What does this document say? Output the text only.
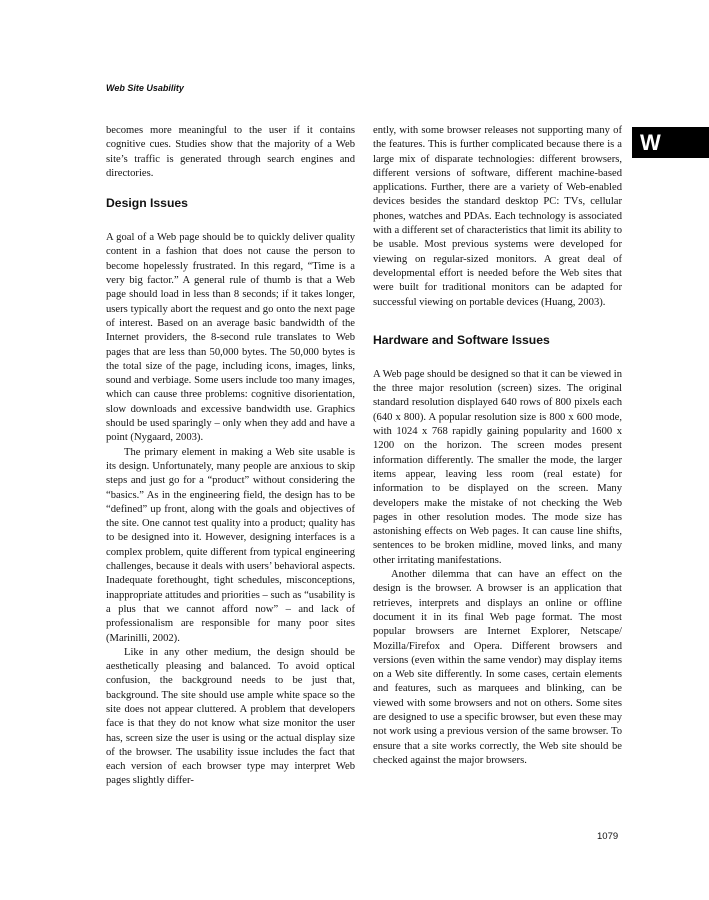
Web Site Usability
W

becomes more meaningful to the user if it contains cognitive cues. Studies show that the majority of a Web site’s traffic is generated through search engines and directories.

Design Issues

A goal of a Web page should be to quickly deliver quality content in a fashion that does not cause the person to become hopelessly frustrated. In this regard, “Time is a very big factor.” A general rule of thumb is that a Web page should load in less than 8 seconds; if it takes longer, users typically abort the request and go onto the next page of interest. Based on an average basic bandwidth of the Internet providers, the 8-second rule translates to Web pages that are less than 50,000 bytes. The 50,000 bytes is the total size of the page, including icons, images, links, sound and verbiage. Some users include too many images, which can cause three problems: cognitive disorientation, slow downloads and excessive bandwidth use. Graphics should be used sparingly – only when they add and have a point (Nygaard, 2003).

The primary element in making a Web site usable is its design. Unfortunately, many people are anxious to skip steps and just go for a “product” without considering the “basics.” As in the engineering field, the design has to be “defined” up front, along with the goals and objectives of the site. One cannot test quality into a product; quality has to be designed into it. However, designing interfaces is a complex problem, quite different from typical engineering challenges, because it deals with users’ behavioral aspects. Inadequate forethought, tight schedules, misconceptions, inappropriate attitudes and priorities – such as “usability is a plus that we cannot afford now” – and lack of professionalism are responsible for many poor sites (Marinilli, 2002).

Like in any other medium, the design should be aesthetically pleasing and balanced. To avoid optical confusion, the background needs to be just that, background. The site should use ample white space so the site does not appear cluttered. A problem that developers face is that they do not know what size monitor the user has, screen size the user is using or the actual display size of the browser. The usability issue includes the fact that each version of each browser type may interpret Web pages slightly differ-

ently, with some browser releases not supporting many of the features. This is further complicated because there is a large mix of disparate technologies: different browsers, different versions of software, different machine-based applications. Further, there are a variety of Web-enabled devices besides the standard desktop PC: TVs, cellular phones, watches and PDAs. Each technology is associated with a different set of characteristics that limit its ability to be usable. Most previous systems were developed for viewing on regular-sized monitors. A great deal of developmental effort is needed before the Web sites that were built for traditional monitors can be adapted for successful viewing on portable devices (Huang, 2003).

Hardware and Software Issues

A Web page should be designed so that it can be viewed in the three major resolution (screen) sizes. The original standard resolution displayed 640 rows of 800 pixels each (640 x 800). A popular resolution size is 800 x 600 mode, with 1024 x 768 rapidly gaining popularity and 1600 x 1200 on the horizon. The screen modes present information differently. The smaller the mode, the larger items appear, leaving less room (real estate) for information to be displayed on the screen. Many developers make the mistake of not checking the Web pages in other resolution modes. The mode size has astonishing effects on Web pages. It can cause line shifts, sentences to be broken midline, moved links, and many other irritating manifestations.

Another dilemma that can have an effect on the design is the browser. A browser is an application that retrieves, interprets and displays an online or offline document it in its final Web page format. The most popular browsers are Internet Explorer, Netscape/ Mozilla/Firefox and Opera. Different browsers and versions (even within the same vendor) may display items on a Web site differently. In some cases, certain elements and features, such as marquees and blinking, can be viewed with some browsers and not on others. Some sites are designed to use a specific browser, but even these may not work using a previous version of the same browser. To ensure that a site works correctly, the Web site should be checked against the major browsers.

1079
